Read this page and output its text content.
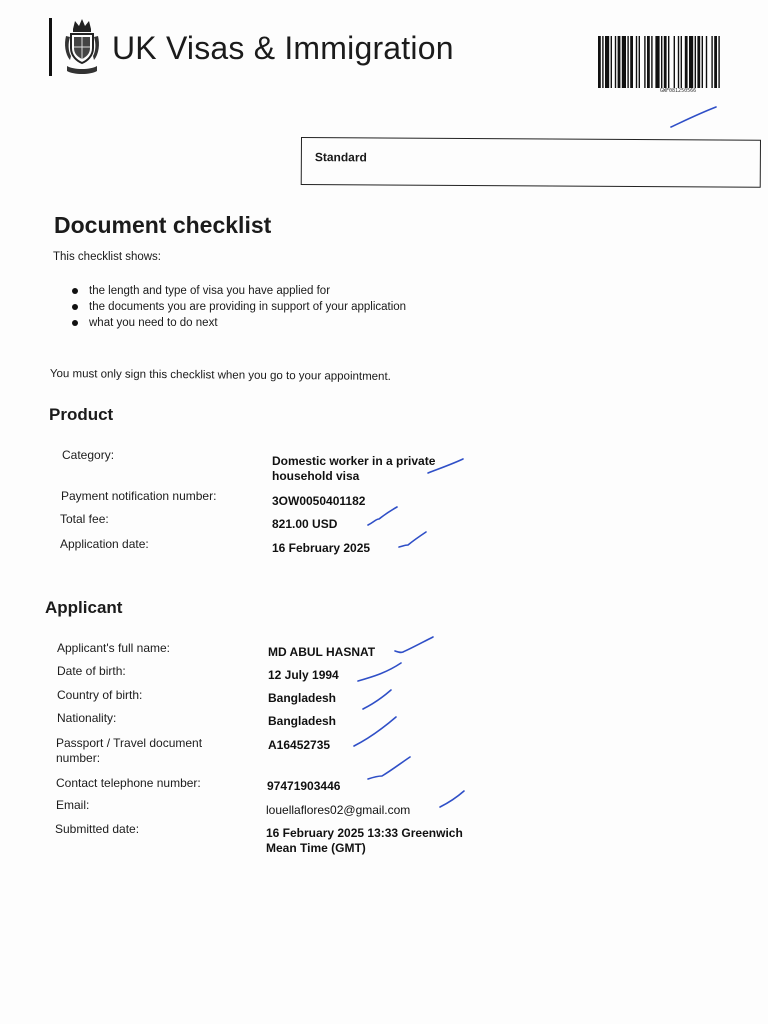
UK Visas & Immigration
GWF081250566
Standard
Document checklist
This checklist shows:
the length and type of visa you have applied for
the documents you are providing in support of your application
what you need to do next
You must only sign this checklist when you go to your appointment.
Product
Category:	Domestic worker in a private household visa
Payment notification number:	3OW0050401182
Total fee:	821.00 USD
Application date:	16 February 2025
Applicant
Applicant's full name:	MD ABUL HASNAT
Date of birth:	12 July 1994
Country of birth:	Bangladesh
Nationality:	Bangladesh
Passport / Travel document number:
A16452735
Contact telephone number:	97471903446
Email:	louellaflores02@gmail.com
Submitted date:	16 February 2025 13:33 Greenwich Mean Time (GMT)
